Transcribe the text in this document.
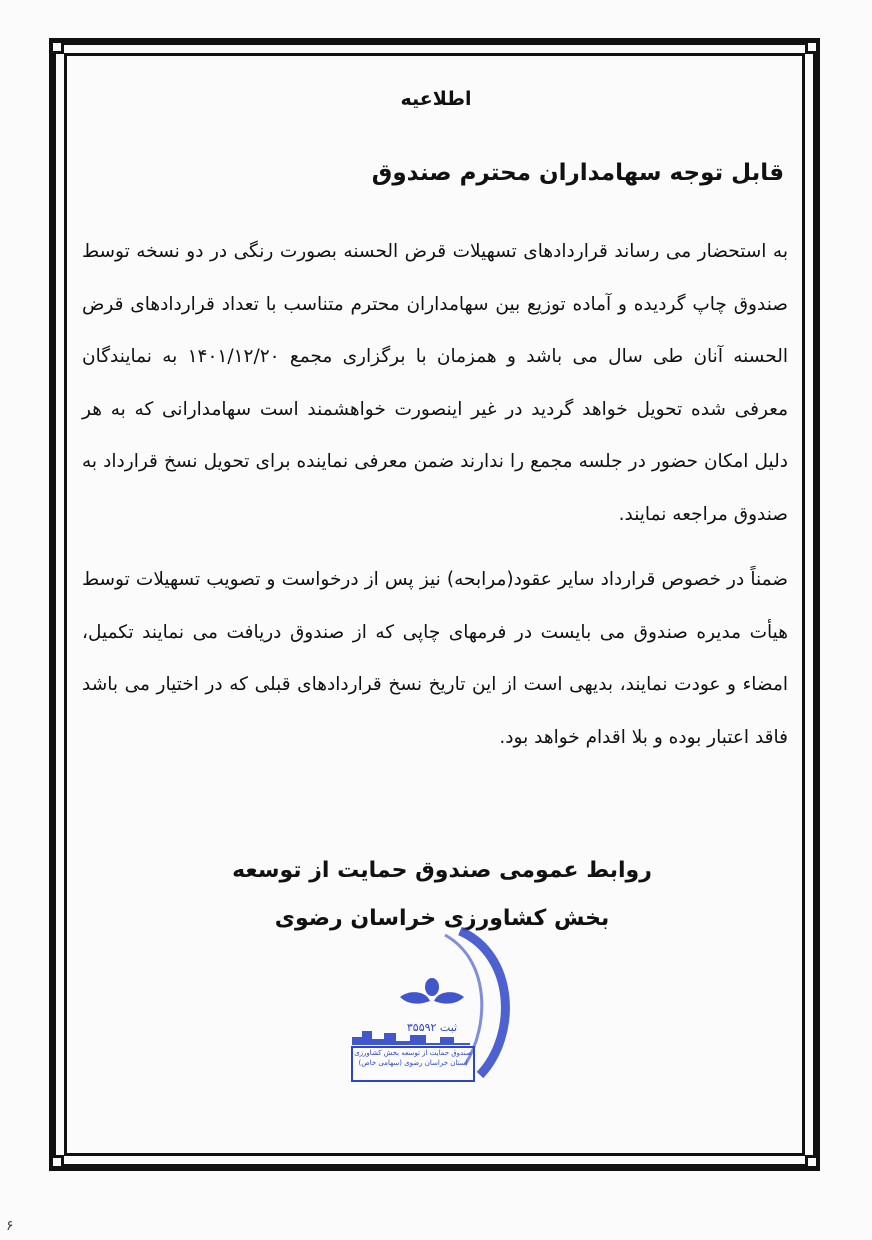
اطلاعیه
قابل توجه سهامداران محترم صندوق
به استحضار می رساند قراردادهای تسهیلات قرض الحسنه بصورت رنگی در دو نسخه توسط صندوق چاپ گردیده و آماده توزیع بین سهامداران محترم متناسب با تعداد قراردادهای قرض الحسنه آنان طی سال می باشد و همزمان با برگزاری مجمع ۱۴۰۱/۱۲/۲۰ به نمایندگان معرفی شده تحویل خواهد گردید در غیر اینصورت خواهشمند است سهامدارانی که به هر دلیل امکان حضور در جلسه مجمع را ندارند ضمن معرفی نماینده برای تحویل نسخ قرارداد به صندوق مراجعه نمایند.
ضمناً در خصوص قرارداد سایر عقود(مرابحه) نیز پس از درخواست و تصویب تسهیلات توسط هیأت مدیره صندوق می بایست در فرمهای چاپی که از صندوق دریافت می نمایند تکمیل، امضاء و عودت نمایند، بدیهی است از این تاریخ نسخ قراردادهای قبلی که در اختیار می باشد فاقد اعتبار بوده و بلا اقدام خواهد بود.
روابط عمومی صندوق حمایت از توسعه
بخش کشاورزی خراسان رضوی
ثبت ۳۵۵۹۲
صندوق حمایت از توسعه بخش کشاورزی استان خراسان رضوی (سهامی خاص)
۶
